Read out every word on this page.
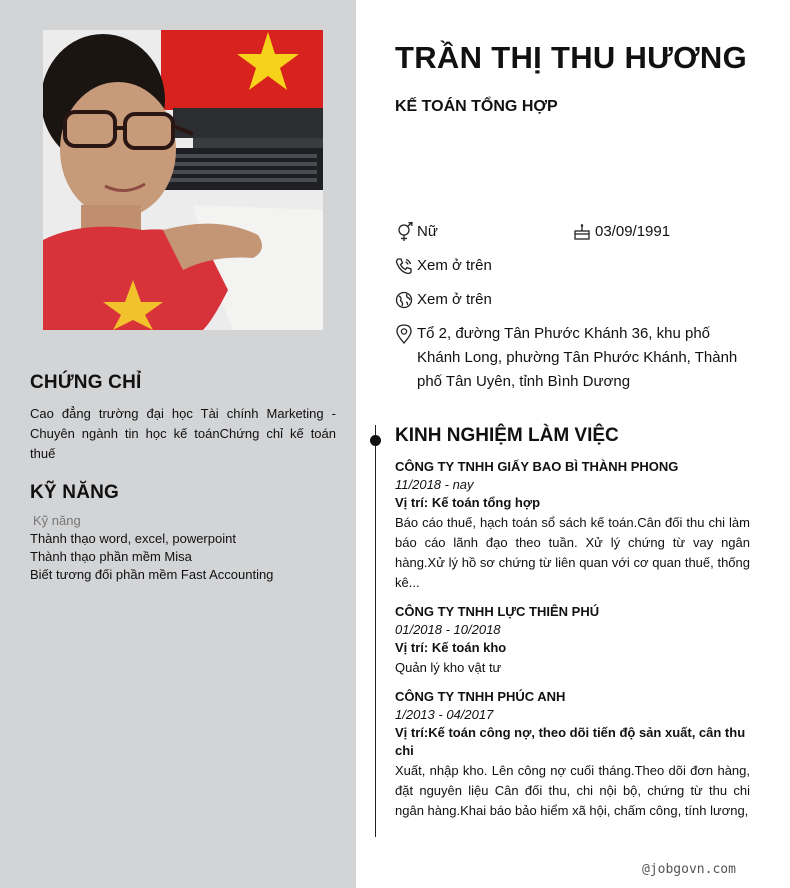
CHỨNG CHỈ
Cao đẳng trường đại học Tài chính Marketing - Chuyên ngành tin học kế toánChứng chỉ kế toán thuế
KỸ NĂNG
Kỹ năng
Thành thạo word, excel, powerpoint
Thành thạo phần mềm Misa
Biết tương đối phần mềm Fast Accounting
TRẦN THỊ THU HƯƠNG
KẾ TOÁN TỔNG HỢP
Nữ	03/09/1991
Xem ở trên
Xem ở trên
Tổ 2, đường Tân Phước Khánh 36, khu phố Khánh Long, phường Tân Phước Khánh, Thành phố Tân Uyên, tỉnh Bình Dương
KINH NGHIỆM LÀM VIỆC
CÔNG TY TNHH GIẤY BAO BÌ THÀNH PHONG
11/2018 - nay
Vị trí: Kế toán tổng hợp
Báo cáo thuế, hạch toán sổ sách kế toán.Cân đối thu chi làm báo cáo lãnh đạo theo tuần. Xử lý chứng từ vay ngân hàng.Xử lý hồ sơ chứng từ liên quan với cơ quan thuế, thống kê...
CÔNG TY TNHH LỰC THIÊN PHÚ
01/2018 - 10/2018
Vị trí: Kế toán kho
Quản lý kho vật tư
CÔNG TY TNHH PHÚC ANH
1/2013 - 04/2017
Vị trí:Kế toán công nợ, theo dõi tiến độ sản xuất, cân thu chi
Xuất, nhập kho. Lên công nợ cuối tháng.Theo dõi đơn hàng, đặt nguyên liệu Cân đối thu, chi nội bộ, chứng từ thu chi ngân hàng.Khai báo bảo hiểm xã hội, chấm công, tính lương,
@jobgovn.com
